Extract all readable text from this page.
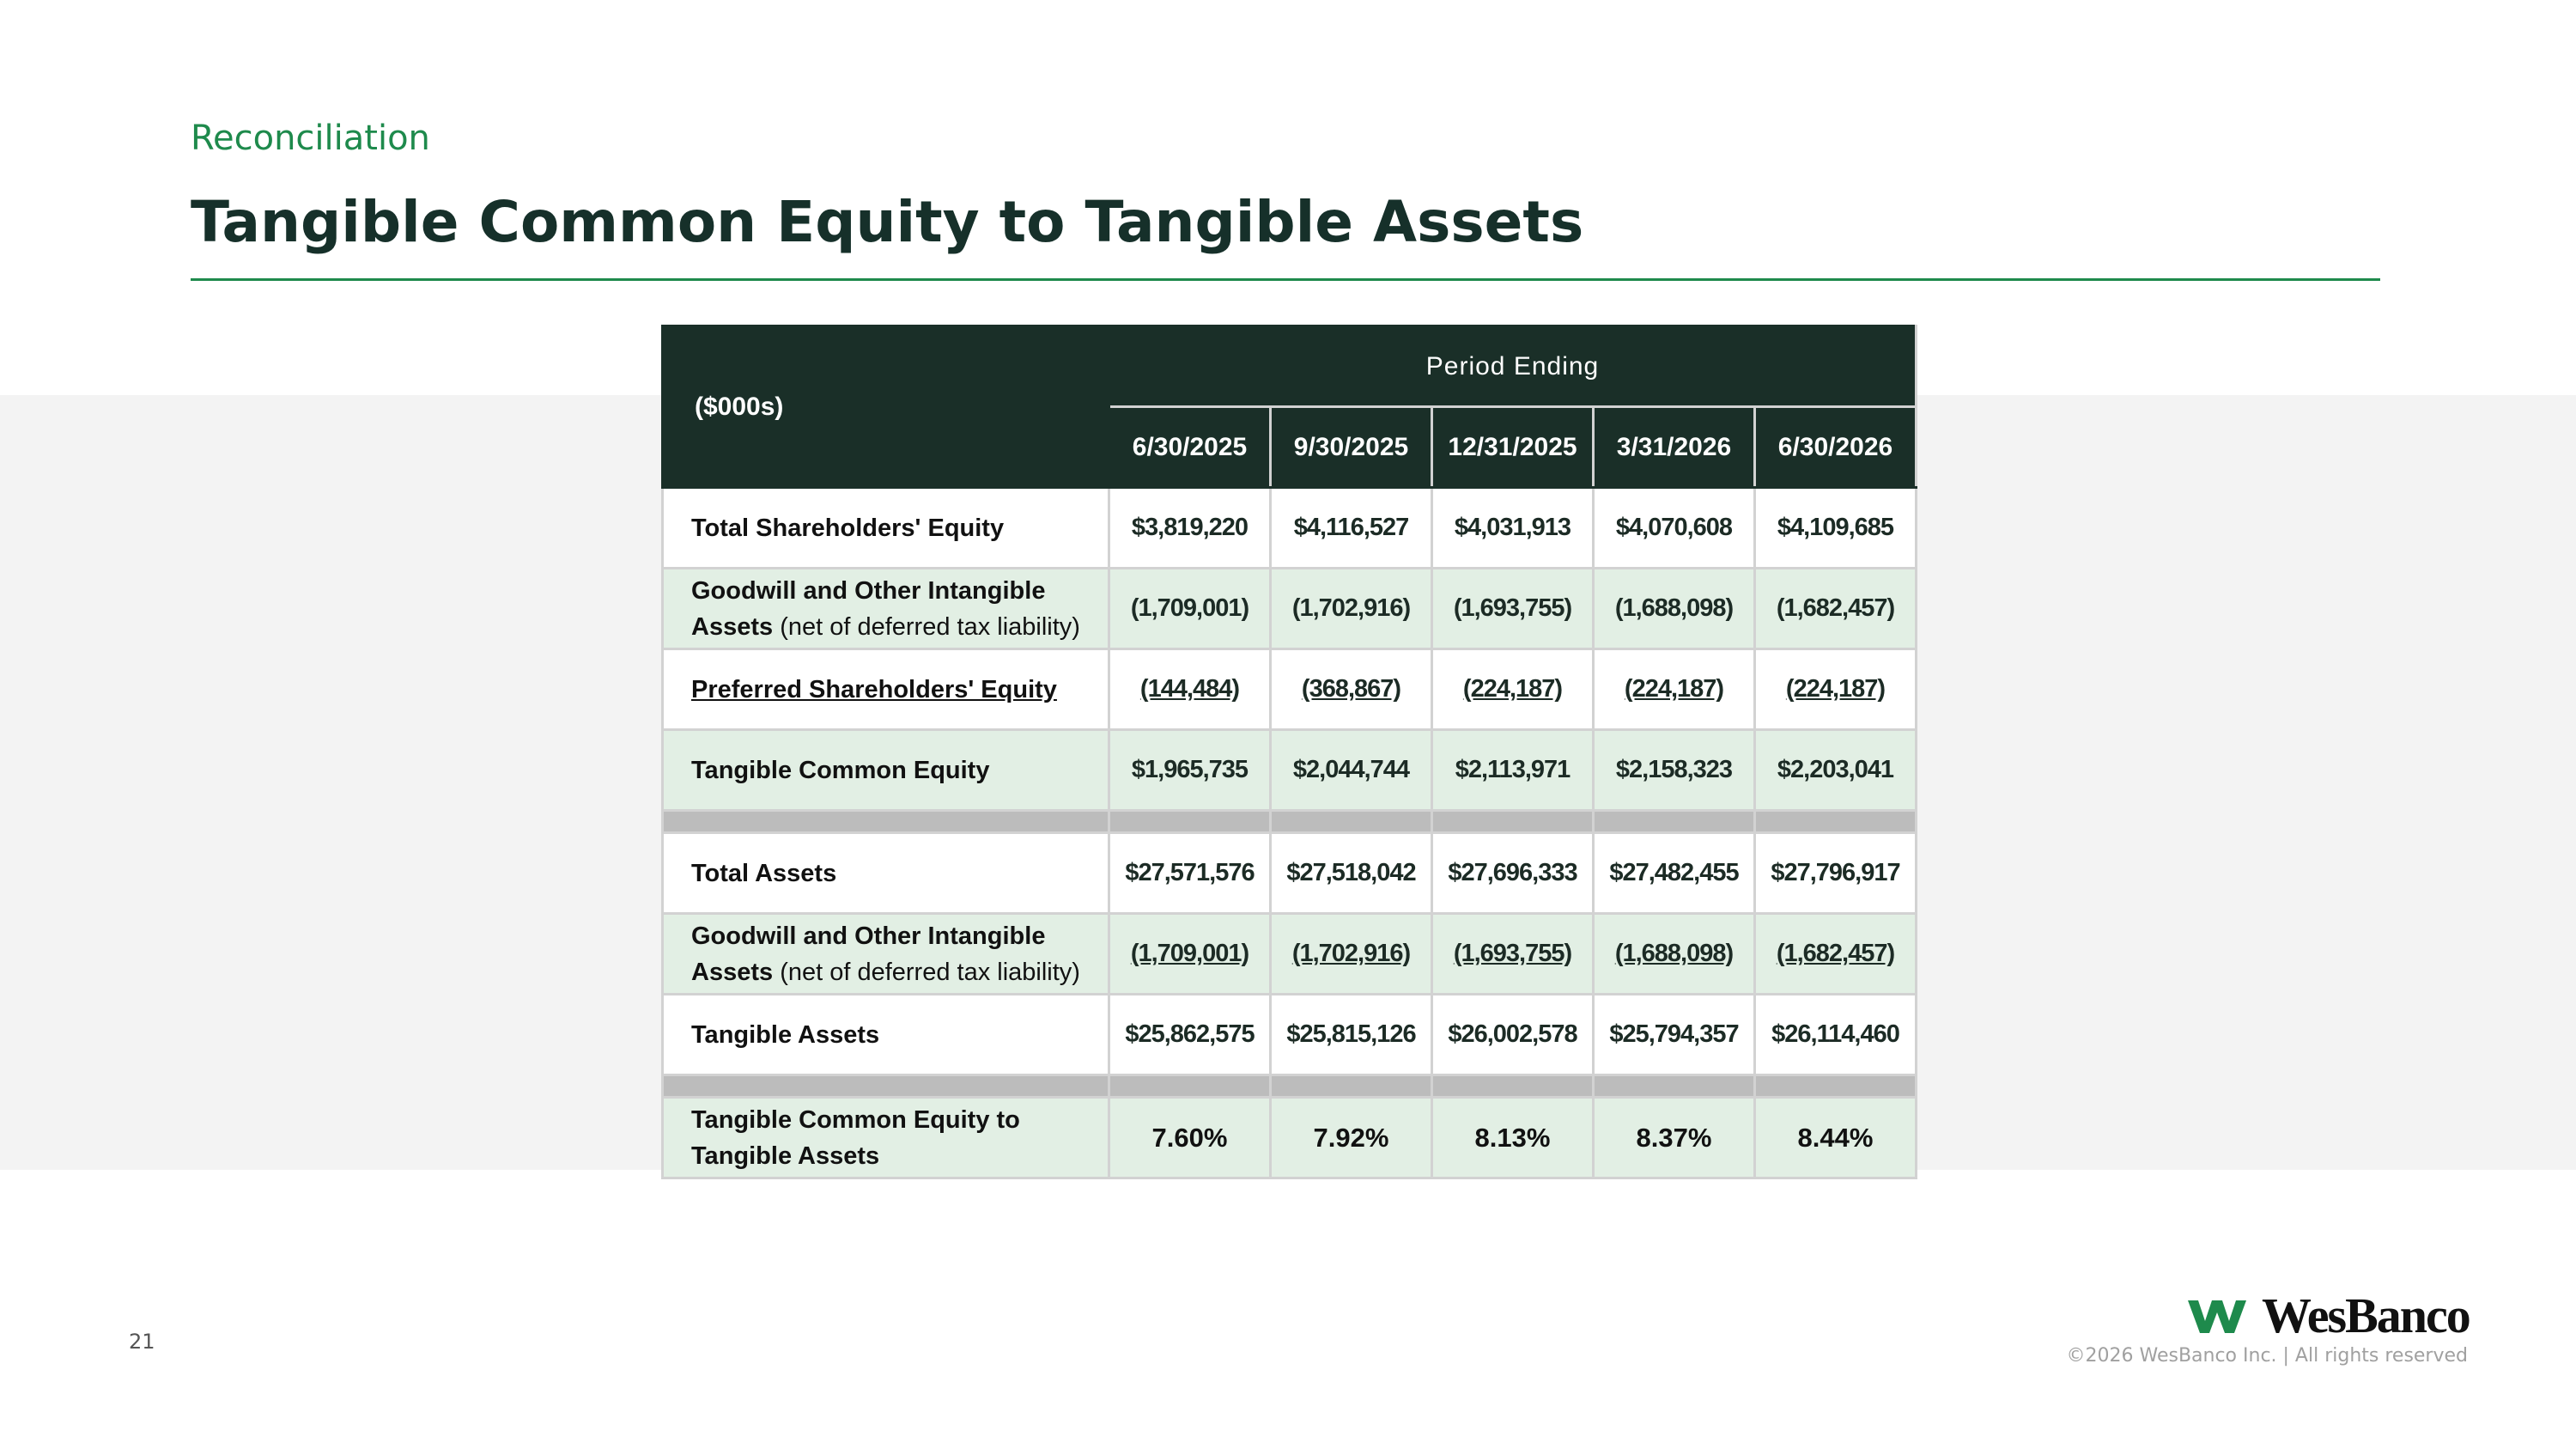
Reconciliation
Tangible Common Equity to Tangible Assets
($000s)	Period Ending				
	6/30/2025	9/30/2025	12/31/2025	3/31/2026	6/30/2026
Total Shareholders' Equity	$3,819,220	$4,116,527	$4,031,913	$4,070,608	$4,109,685
Goodwill and Other Intangible Assets (net of deferred tax liability)	(1,709,001)	(1,702,916)	(1,693,755)	(1,688,098)	(1,682,457)
Preferred Shareholders' Equity	(144,484)	(368,867)	(224,187)	(224,187)	(224,187)
Tangible Common Equity	$1,965,735	$2,044,744	$2,113,971	$2,158,323	$2,203,041

Total Assets	$27,571,576	$27,518,042	$27,696,333	$27,482,455	$27,796,917
Goodwill and Other Intangible Assets (net of deferred tax liability)	(1,709,001)	(1,702,916)	(1,693,755)	(1,688,098)	(1,682,457)
Tangible Assets	$25,862,575	$25,815,126	$26,002,578	$25,794,357	$26,114,460

Tangible Common Equity to Tangible Assets	7.60%	7.92%	8.13%	8.37%	8.44%
21	WesBanco
©2026 WesBanco Inc. | All rights reserved
